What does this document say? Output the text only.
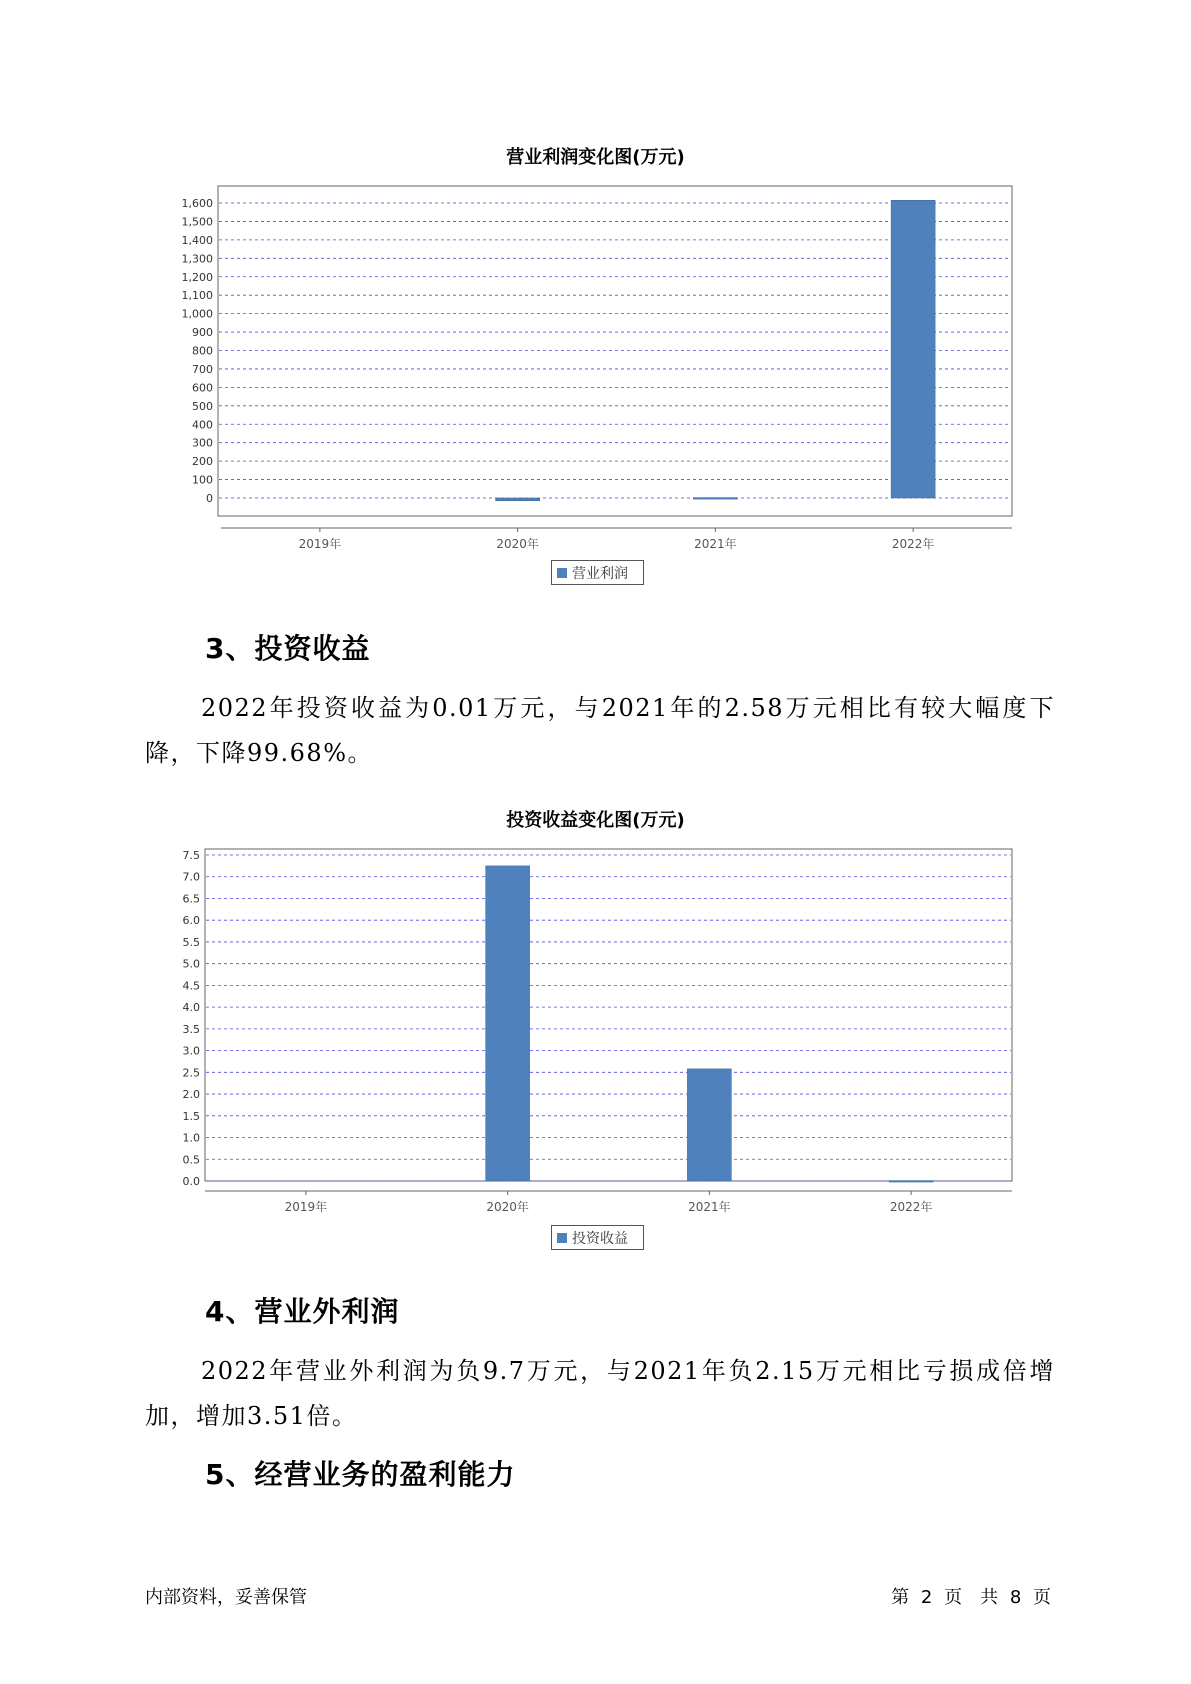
营业利润变化图(万元)
0
100
200
300
400
500
600
700
800
900
1,000
1,100
1,200
1,300
1,400
1,500
1,600
2019年	2020年	2021年	2022年
营业利润
3、投资收益

2022年投资收益为0.01万元，与2021年的2.58万元相比有较大幅度下降，下降99.68%。

投资收益变化图(万元)
0.0
0.5
1.0
1.5
2.0
2.5
3.0
3.5
4.0
4.5
5.0
5.5
6.0
6.5
7.0
7.5
2019年	2020年	2021年	2022年
投资收益
4、营业外利润

2022年营业外利润为负9.7万元，与2021年负2.15万元相比亏损成倍增加，增加3.51倍。

5、经营业务的盈利能力
内部资料，妥善保管	第 2 页　共 8 页
